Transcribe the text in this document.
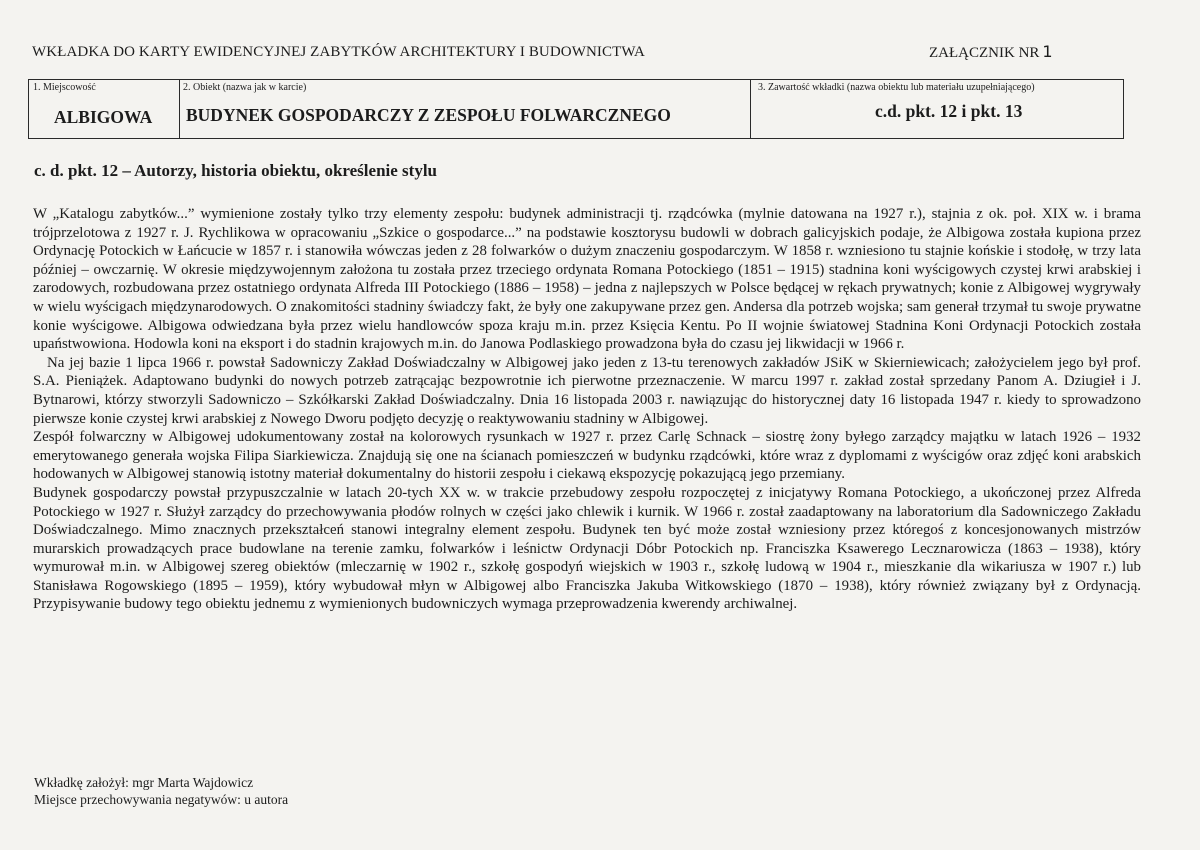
WKŁADKA DO KARTY EWIDENCYJNEJ ZABYTKÓW ARCHITEKTURY I BUDOWNICTWA	ZAŁĄCZNIK NR 1
1. Miejscowość
ALBIGOWA
2. Obiekt (nazwa jak w karcie)
BUDYNEK GOSPODARCZY Z ZESPOŁU FOLWARCZNEGO
3. Zawartość wkładki (nazwa obiektu lub materiału uzupełniającego)
c.d. pkt. 12 i pkt. 13
c. d. pkt. 12 – Autorzy, historia obiektu, określenie stylu

W „Katalogu zabytków...” wymienione zostały tylko trzy elementy zespołu: budynek administracji tj. rządcówka (mylnie datowana na 1927 r.), stajnia z ok. poł. XIX w. i brama trójprzelotowa z 1927 r. J. Rychlikowa w opracowaniu „Szkice o gospodarce...” na podstawie kosztorysu budowli w dobrach galicyjskich podaje, że Albigowa została kupiona przez Ordynację Potockich w Łańcucie w 1857 r. i stanowiła wówczas jeden z 28 folwarków o dużym znaczeniu gospodarczym. W 1858 r. wzniesiono tu stajnie końskie i stodołę, w trzy lata później – owczarnię. W okresie międzywojennym założona tu została przez trzeciego ordynata Romana Potockiego (1851 – 1915) stadnina koni wyścigowych czystej krwi arabskiej i zarodowych, rozbudowana przez ostatniego ordynata Alfreda III Potockiego (1886 – 1958) – jedna z najlepszych w Polsce będącej w rękach prywatnych; konie z Albigowej wygrywały w wielu wyścigach międzynarodowych. O znakomitości stadniny świadczy fakt, że były one zakupywane przez gen. Andersa dla potrzeb wojska; sam generał trzymał tu swoje prywatne konie wyścigowe. Albigowa odwiedzana była przez wielu handlowców spoza kraju m.in. przez Księcia Kentu. Po II wojnie światowej Stadnina Koni Ordynacji Potockich została upaństwowiona. Hodowla koni na eksport i do stadnin krajowych m.in. do Janowa Podlaskiego prowadzona była do czasu jej likwidacji w 1966 r.

Na jej bazie 1 lipca 1966 r. powstał Sadowniczy Zakład Doświadczalny w Albigowej jako jeden z 13-tu terenowych zakładów JSiK w Skierniewicach; założycielem jego był prof. S.A. Pieniążek. Adaptowano budynki do nowych potrzeb zatrącając bezpowrotnie ich pierwotne przeznaczenie. W marcu 1997 r. zakład został sprzedany Panom A. Dziugieł i J. Bytnarowi, którzy stworzyli Sadowniczo – Szkółkarski Zakład Doświadczalny. Dnia 16 listopada 2003 r. nawiązując do historycznej daty 16 listopada 1947 r. kiedy to sprowadzono pierwsze konie czystej krwi arabskiej z Nowego Dworu podjęto decyzję o reaktywowaniu stadniny w Albigowej.

Zespół folwarczny w Albigowej udokumentowany został na kolorowych rysunkach w 1927 r. przez Carlę Schnack – siostrę żony byłego zarządcy majątku w latach 1926 – 1932 emerytowanego generała wojska Filipa Siarkiewicza. Znajdują się one na ścianach pomieszczeń w budynku rządcówki, które wraz z dyplomami z wyścigów oraz zdjęć koni arabskich hodowanych w Albigowej stanowią istotny materiał dokumentalny do historii zespołu i ciekawą ekspozycję pokazującą jego przemiany.

Budynek gospodarczy powstał przypuszczalnie w latach 20-tych XX w. w trakcie przebudowy zespołu rozpoczętej z inicjatywy Romana Potockiego, a ukończonej przez Alfreda Potockiego w 1927 r. Służył zarządcy do przechowywania płodów rolnych w części jako chlewik i kurnik. W 1966 r. został zaadaptowany na laboratorium dla Sadowniczego Zakładu Doświadczalnego. Mimo znacznych przekształceń stanowi integralny element zespołu. Budynek ten być może został wzniesiony przez któregoś z koncesjonowanych mistrzów murarskich prowadzących prace budowlane na terenie zamku, folwarków i leśnictw Ordynacji Dóbr Potockich np. Franciszka Ksawerego Lecznarowicza (1863 – 1938), który wymurował m.in. w Albigowej szereg obiektów (mleczarnię w 1902 r., szkołę gospodyń wiejskich w 1903 r., szkołę ludową w 1904 r., mieszkanie dla wikariusza w 1907 r.) lub Stanisława Rogowskiego (1895 – 1959), który wybudował młyn w Albigowej albo Franciszka Jakuba Witkowskiego (1870 – 1938), który również związany był z Ordynacją. Przypisywanie budowy tego obiektu jednemu z wymienionych budowniczych wymaga przeprowadzenia kwerendy archiwalnej.

Wkładkę założył: mgr Marta Wajdowicz
Miejsce przechowywania negatywów: u autora
